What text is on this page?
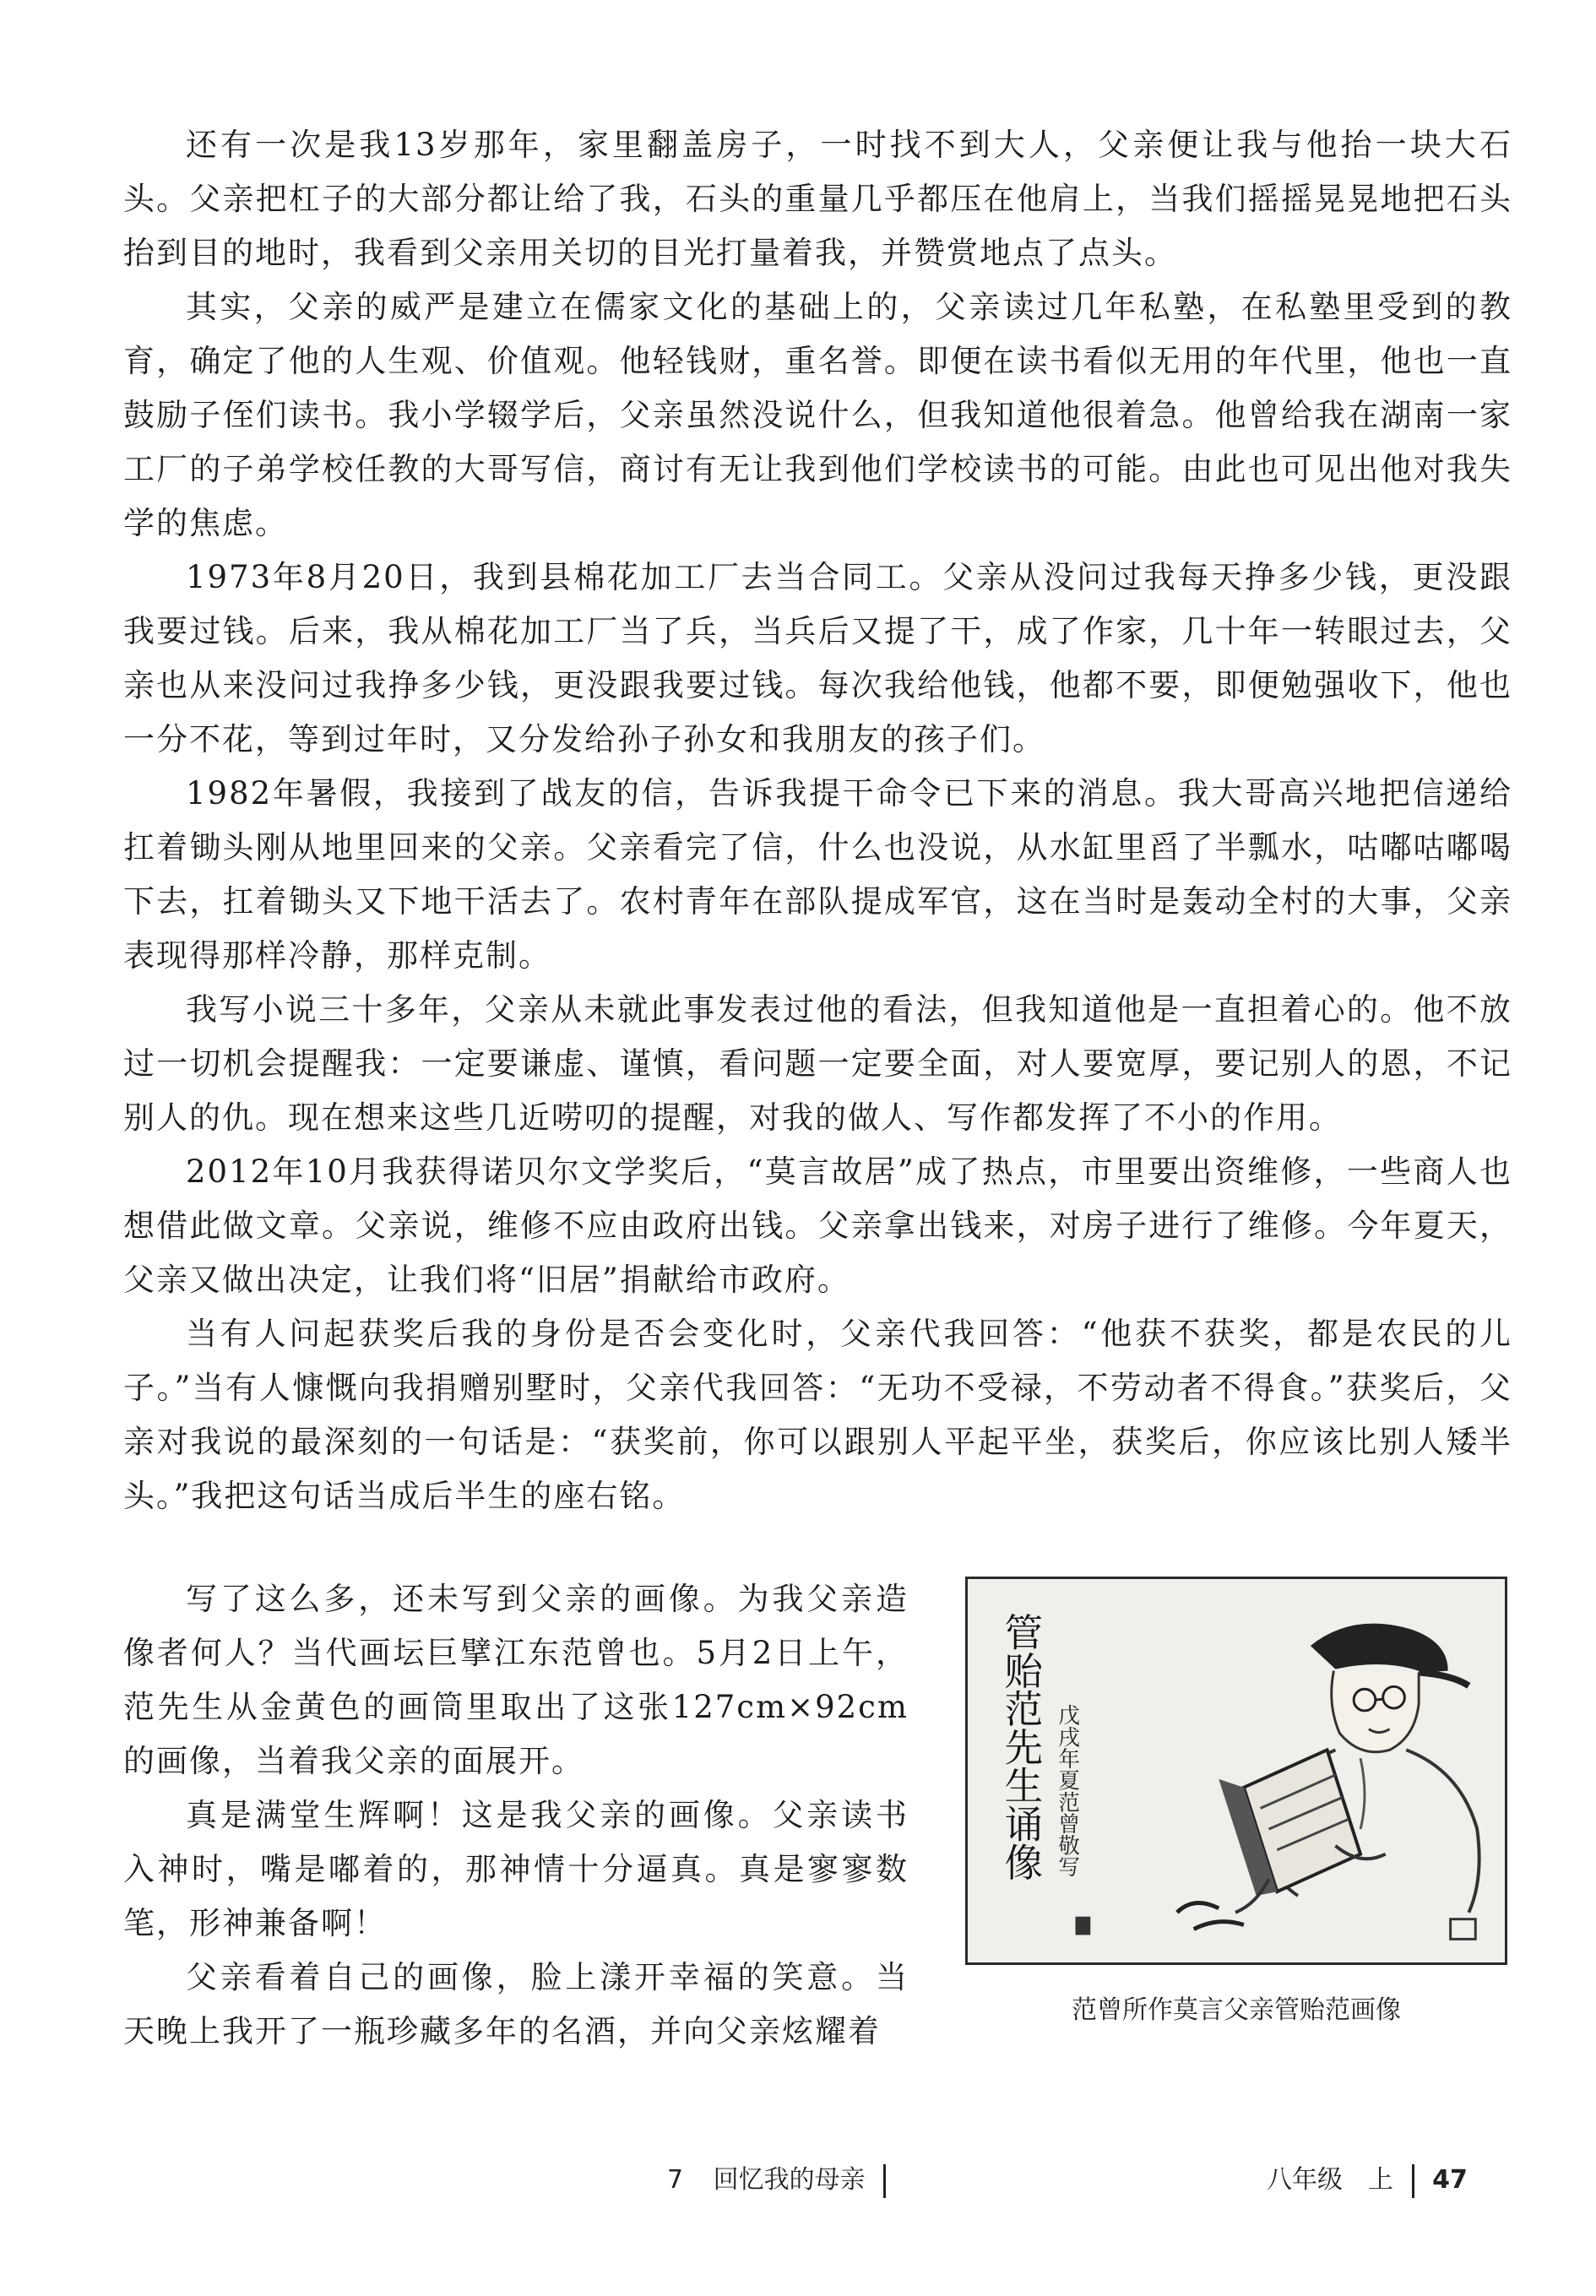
还有一次是我13岁那年，家里翻盖房子，一时找不到大人，父亲便让我与他抬一块大石头。父亲把杠子的大部分都让给了我，石头的重量几乎都压在他肩上，当我们摇摇晃晃地把石头抬到目的地时，我看到父亲用关切的目光打量着我，并赞赏地点了点头。

其实，父亲的威严是建立在儒家文化的基础上的，父亲读过几年私塾，在私塾里受到的教育，确定了他的人生观、价值观。他轻钱财，重名誉。即便在读书看似无用的年代里，他也一直鼓励子侄们读书。我小学辍学后，父亲虽然没说什么，但我知道他很着急。他曾给我在湖南一家工厂的子弟学校任教的大哥写信，商讨有无让我到他们学校读书的可能。由此也可见出他对我失学的焦虑。

1973年8月20日，我到县棉花加工厂去当合同工。父亲从没问过我每天挣多少钱，更没跟我要过钱。后来，我从棉花加工厂当了兵，当兵后又提了干，成了作家，几十年一转眼过去，父亲也从来没问过我挣多少钱，更没跟我要过钱。每次我给他钱，他都不要，即便勉强收下，他也一分不花，等到过年时，又分发给孙子孙女和我朋友的孩子们。

1982年暑假，我接到了战友的信，告诉我提干命令已下来的消息。我大哥高兴地把信递给扛着锄头刚从地里回来的父亲。父亲看完了信，什么也没说，从水缸里舀了半瓢水，咕嘟咕嘟喝下去，扛着锄头又下地干活去了。农村青年在部队提成军官，这在当时是轰动全村的大事，父亲表现得那样冷静，那样克制。

我写小说三十多年，父亲从未就此事发表过他的看法，但我知道他是一直担着心的。他不放过一切机会提醒我：一定要谦虚、谨慎，看问题一定要全面，对人要宽厚，要记别人的恩，不记别人的仇。现在想来这些几近唠叨的提醒，对我的做人、写作都发挥了不小的作用。

2012年10月我获得诺贝尔文学奖后，“莫言故居”成了热点，市里要出资维修，一些商人也想借此做文章。父亲说，维修不应由政府出钱。父亲拿出钱来，对房子进行了维修。今年夏天，父亲又做出决定，让我们将“旧居”捐献给市政府。

当有人问起获奖后我的身份是否会变化时，父亲代我回答：“他获不获奖，都是农民的儿子。”当有人慷慨向我捐赠别墅时，父亲代我回答：“无功不受禄，不劳动者不得食。”获奖后，父亲对我说的最深刻的一句话是：“获奖前，你可以跟别人平起平坐，获奖后，你应该比别人矮半头。”我把这句话当成后半生的座右铭。

写了这么多，还未写到父亲的画像。为我父亲造像者何人？当代画坛巨擘江东范曾也。5月2日上午，范先生从金黄色的画筒里取出了这张127cm×92cm的画像，当着我父亲的面展开。

真是满堂生辉啊！这是我父亲的画像。父亲读书入神时，嘴是嘟着的，那神情十分逼真。真是寥寥数笔，形神兼备啊！

父亲看着自己的画像，脸上漾开幸福的笑意。当天晚上我开了一瓶珍藏多年的名酒，并向父亲炫耀着

管贻范先生诵像 戊戌年夏范曾敬写
范曾所作莫言父亲管贻范画像
7 回忆我的母亲	八年级　上 47
